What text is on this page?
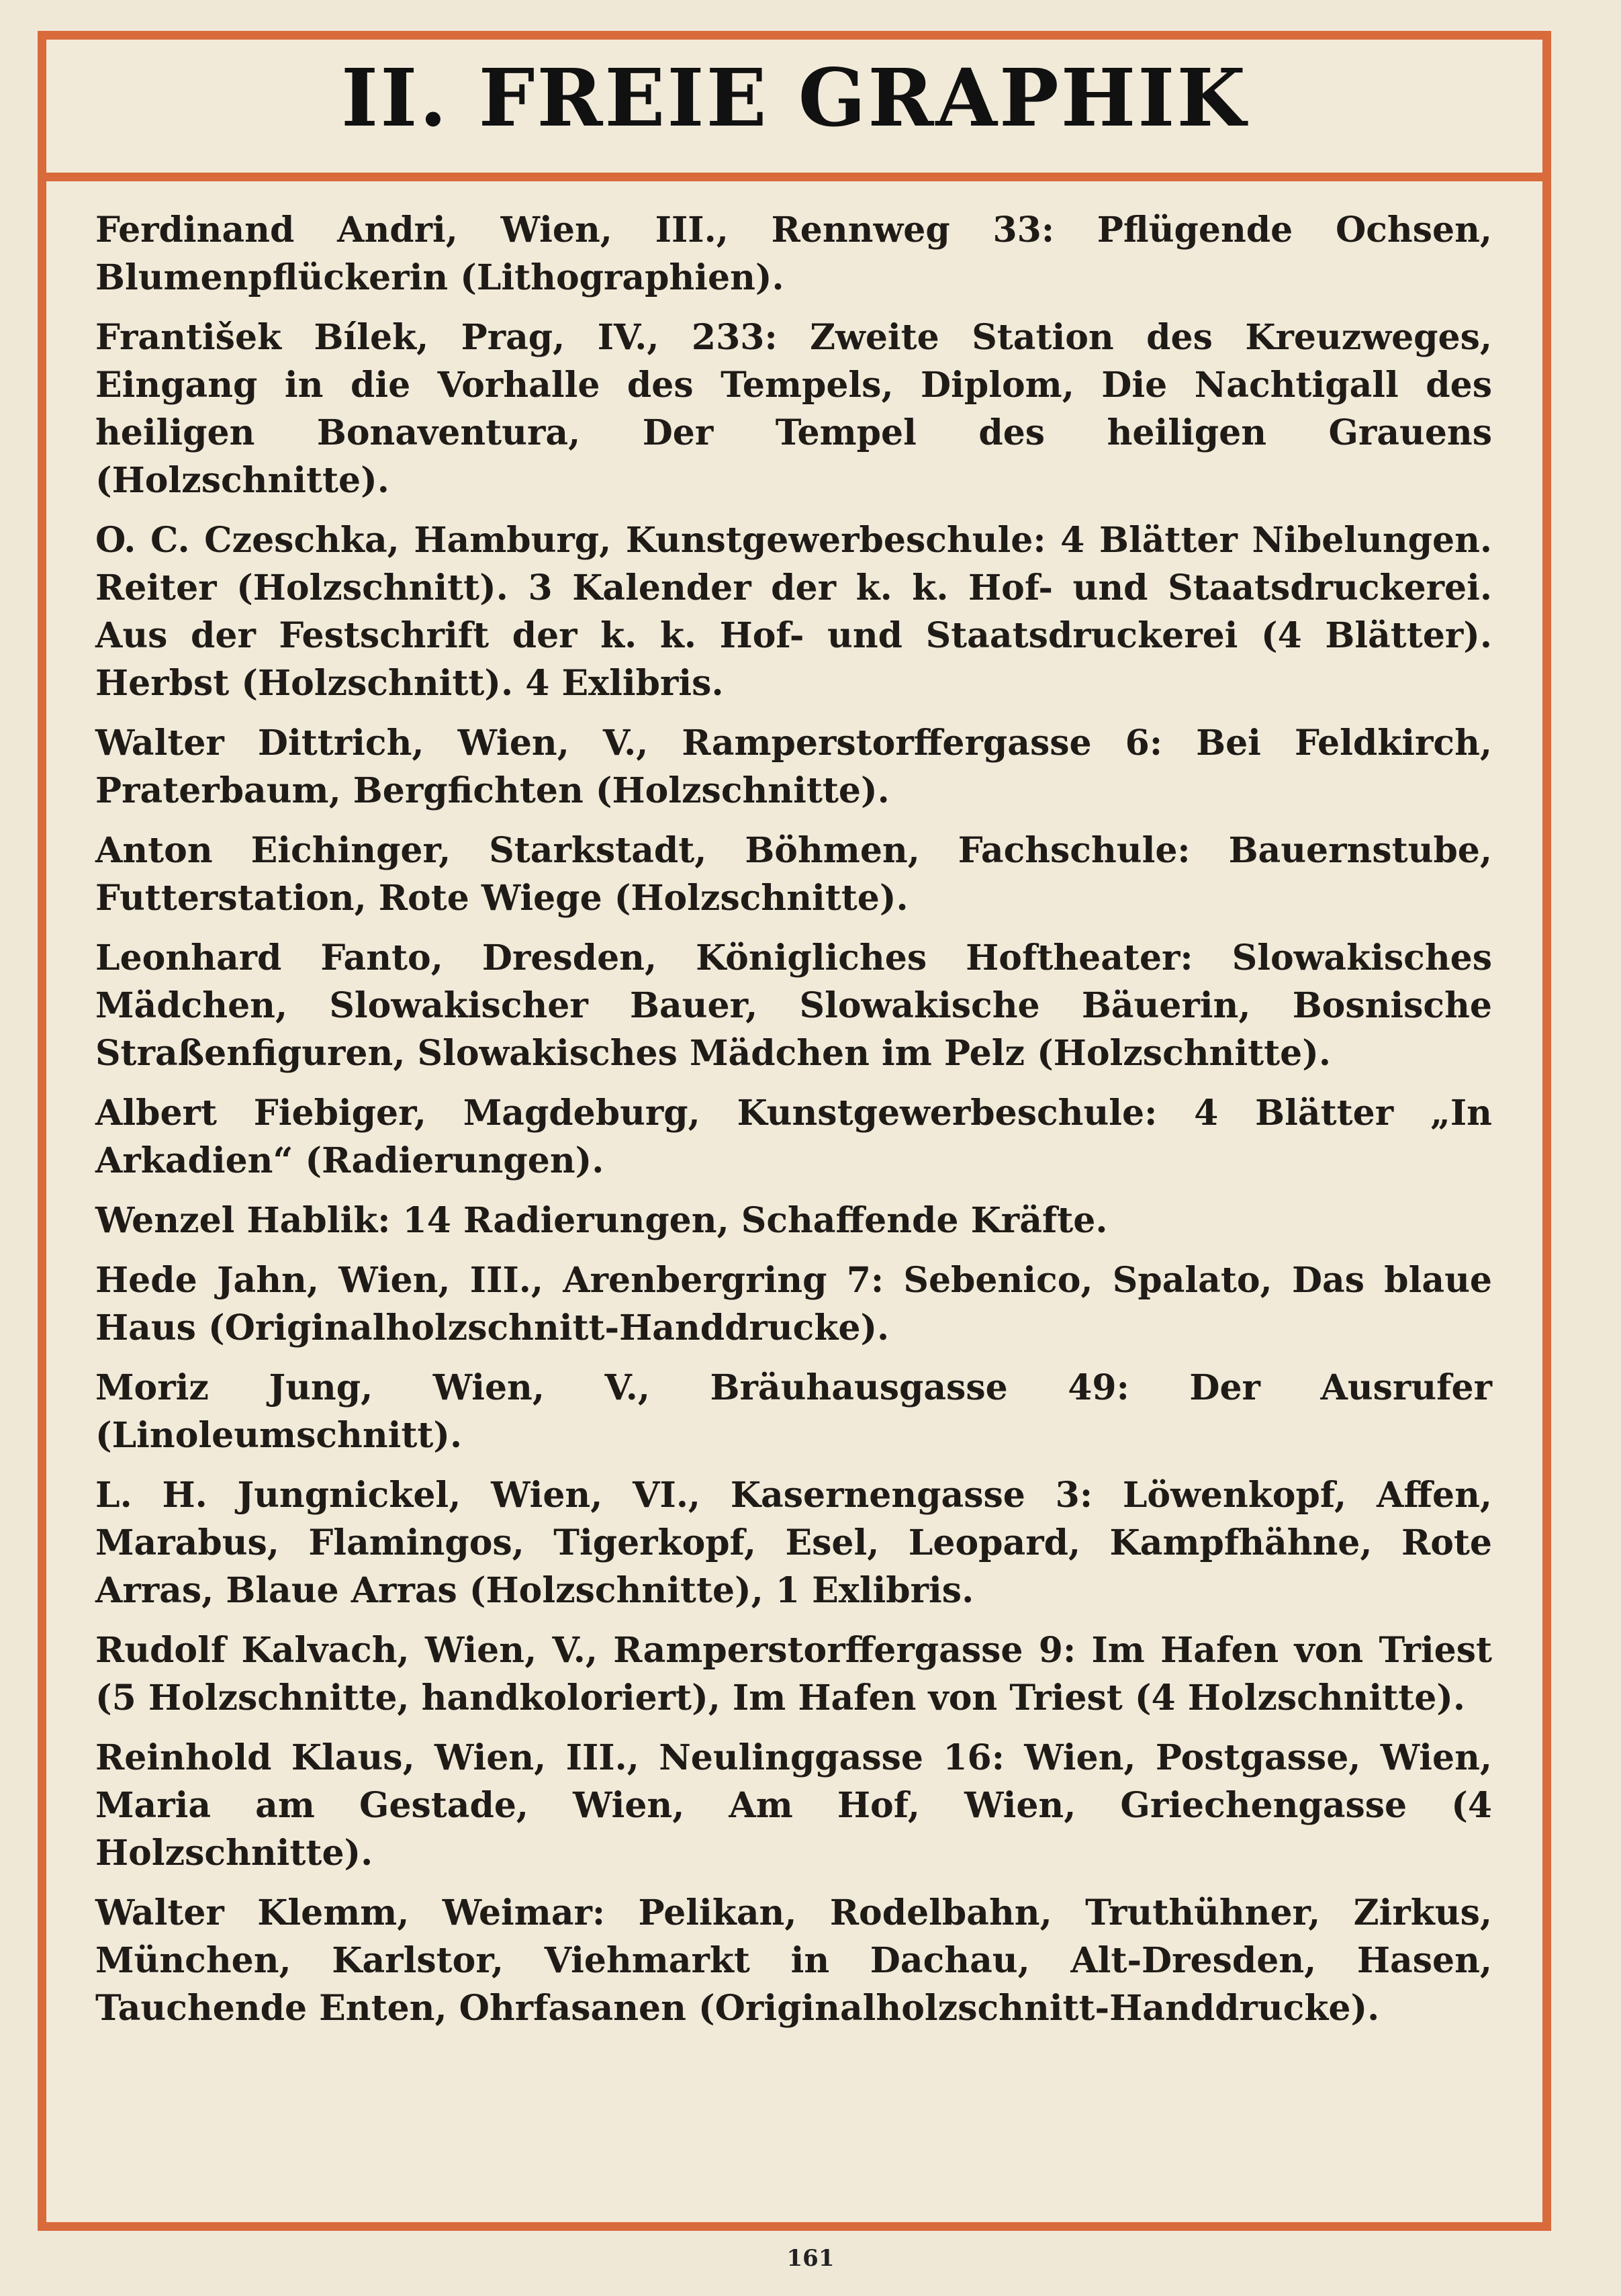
II. FREIE GRAPHIK
Ferdinand Andri, Wien, III., Rennweg 33: Pflügende Ochsen, Blumenpflückerin (Lithographien).
František Bílek, Prag, IV., 233: Zweite Station des Kreuzweges, Eingang in die Vorhalle des Tempels, Diplom, Die Nachtigall des heiligen Bonaventura, Der Tempel des heiligen Grauens (Holzschnitte).
O. C. Czeschka, Hamburg, Kunstgewerbeschule: 4 Blätter Nibelungen. Reiter (Holzschnitt). 3 Kalender der k. k. Hof- und Staatsdruckerei. Aus der Festschrift der k. k. Hof- und Staatsdruckerei (4 Blätter). Herbst (Holzschnitt). 4 Exlibris.
Walter Dittrich, Wien, V., Ramperstorffergasse 6: Bei Feldkirch, Praterbaum, Bergfichten (Holzschnitte).
Anton Eichinger, Starkstadt, Böhmen, Fachschule: Bauernstube, Futterstation, Rote Wiege (Holzschnitte).
Leonhard Fanto, Dresden, Königliches Hoftheater: Slowakisches Mädchen, Slowakischer Bauer, Slowakische Bäuerin, Bosnische Straßenfiguren, Slowakisches Mädchen im Pelz (Holzschnitte).
Albert Fiebiger, Magdeburg, Kunstgewerbeschule: 4 Blätter „In Arkadien“ (Radierungen).
Wenzel Hablik: 14 Radierungen, Schaffende Kräfte.
Hede Jahn, Wien, III., Arenbergring 7: Sebenico, Spalato, Das blaue Haus (Originalholzschnitt-Handdrucke).
Moriz Jung, Wien, V., Bräuhausgasse 49: Der Ausrufer (Linoleumschnitt).
L. H. Jungnickel, Wien, VI., Kasernengasse 3: Löwenkopf, Affen, Marabus, Flamingos, Tigerkopf, Esel, Leopard, Kampfhähne, Rote Arras, Blaue Arras (Holzschnitte), 1 Exlibris.
Rudolf Kalvach, Wien, V., Ramperstorffergasse 9: Im Hafen von Triest (5 Holzschnitte, handkoloriert), Im Hafen von Triest (4 Holzschnitte).
Reinhold Klaus, Wien, III., Neulinggasse 16: Wien, Postgasse, Wien, Maria am Gestade, Wien, Am Hof, Wien, Griechengasse (4 Holzschnitte).
Walter Klemm, Weimar: Pelikan, Rodelbahn, Truthühner, Zirkus, München, Karlstor, Viehmarkt in Dachau, Alt-Dresden, Hasen, Tauchende Enten, Ohrfasanen (Originalholzschnitt-Handdrucke).
161
